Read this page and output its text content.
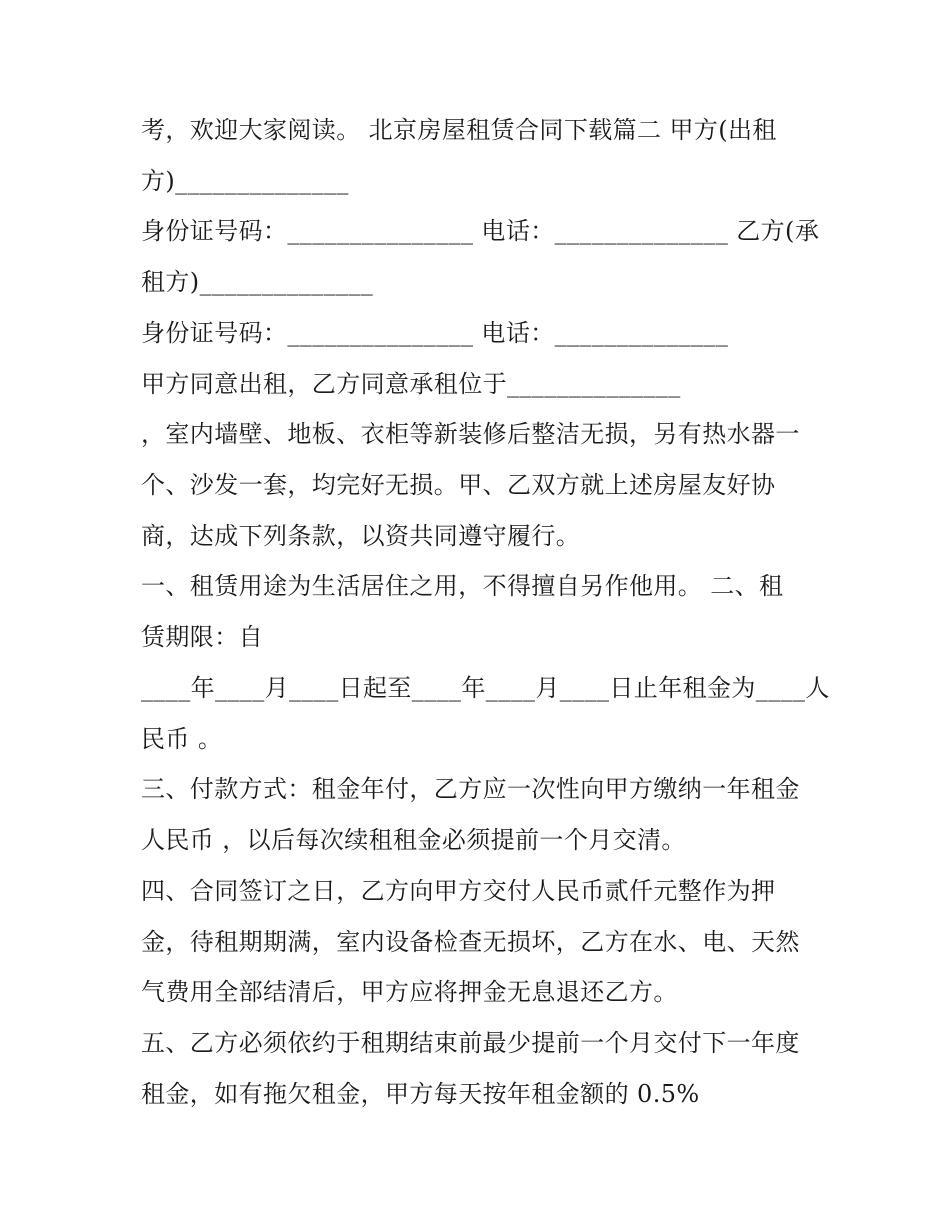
考，欢迎大家阅读。 北京房屋租赁合同下载篇二 甲方(出租

方)______________

身份证号码：_______________ 电话：______________ 乙方(承

租方)______________

身份证号码：_______________ 电话：______________

甲方同意出租，乙方同意承租位于______________

，室内墙壁、地板、衣柜等新装修后整洁无损，另有热水器一

个、沙发一套，均完好无损。甲、乙双方就上述房屋友好协

商，达成下列条款，以资共同遵守履行。

一、租赁用途为生活居住之用，不得擅自另作他用。 二、租

赁期限：自

____年____月____日起至____年____月____日止年租金为____人

民币 。

三、付款方式：租金年付，乙方应一次性向甲方缴纳一年租金

人民币 ，以后每次续租租金必须提前一个月交清。

四、合同签订之日，乙方向甲方交付人民币贰仟元整作为押

金，待租期期满，室内设备检查无损坏，乙方在水、电、天然

气费用全部结清后，甲方应将押金无息退还乙方。

五、乙方必须依约于租期结束前最少提前一个月交付下一年度

租金，如有拖欠租金，甲方每天按年租金额的 0.5%
